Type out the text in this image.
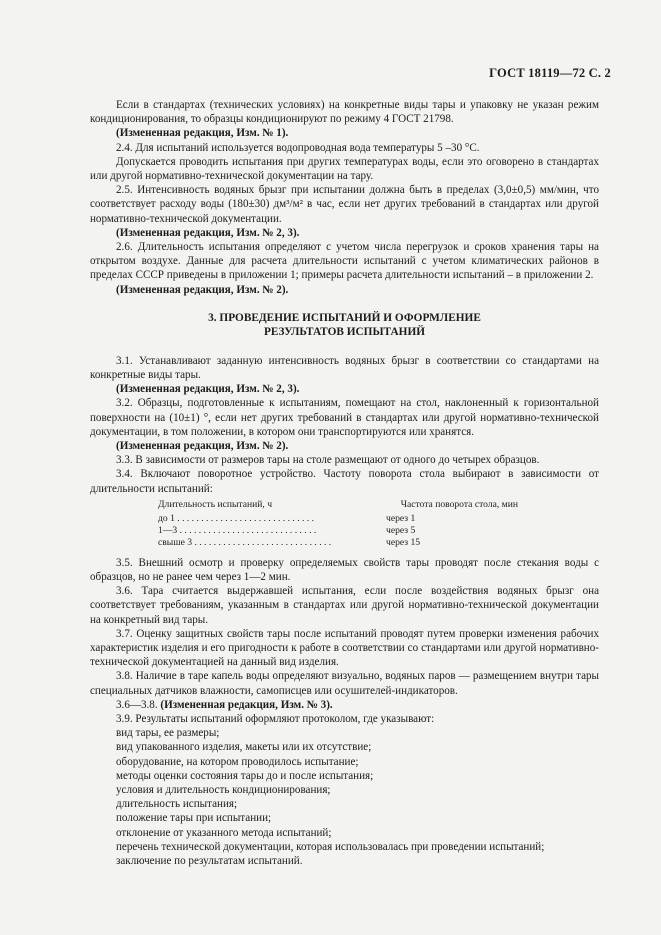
ГОСТ 18119—72 С. 2

Если в стандартах (технических условиях) на конкретные виды тары и упаковку не указан режим кондиционирования, то образцы кондиционируют по режиму 4 ГОСТ 21798.

(Измененная редакция, Изм. № 1).

2.4. Для испытаний используется водопроводная вода температуры 5 –30 °С.

Допускается проводить испытания при других температурах воды, если это оговорено в стандартах или другой нормативно-технической документации на тару.

2.5. Интенсивность водяных брызг при испытании должна быть в пределах (3,0±0,5) мм/мин, что соответствует расходу воды (180±30) дм³/м² в час, если нет других требований в стандартах или другой нормативно-технической документации.

(Измененная редакция, Изм. № 2, 3).

2.6. Длительность испытания определяют с учетом числа перегрузок и сроков хранения тары на открытом воздухе. Данные для расчета длительности испытаний с учетом климатических районов в пределах СССР приведены в приложении 1; примеры расчета длительности испытаний – в приложении 2.

(Измененная редакция, Изм. № 2).

3. ПРОВЕДЕНИЕ ИСПЫТАНИЙ И ОФОРМЛЕНИЕ
РЕЗУЛЬТАТОВ ИСПЫТАНИЙ

3.1. Устанавливают заданную интенсивность водяных брызг в соответствии со стандартами на конкретные виды тары.

(Измененная редакция, Изм. № 2, 3).

3.2. Образцы, подготовленные к испытаниям, помещают на стол, наклоненный к горизонтальной поверхности на (10±1) °, если нет других требований в стандартах или другой нормативно-технической документации, в том положении, в котором они транспортируются или хранятся.

(Измененная редакция, Изм. № 2).

3.3. В зависимости от размеров тары на столе размещают от одного до четырех образцов.

3.4. Включают поворотное устройство. Частоту поворота стола выбирают в зависимости от длительности испытаний:

Длительность испытаний, ч	Частота поворота стола, мин
до 1 . . . . . . . . . . . . . . . . . . . . . . . . . . . . .	через 1
1—3 . . . . . . . . . . . . . . . . . . . . . . . . . . . . .	через 5
свыше 3 . . . . . . . . . . . . . . . . . . . . . . . . . . . . .	через 15

3.5. Внешний осмотр и проверку определяемых свойств тары проводят после стекания воды с образцов, но не ранее чем через 1—2 мин.

3.6. Тара считается выдержавшей испытания, если после воздействия водяных брызг она соответствует требованиям, указанным в стандартах или другой нормативно-технической документации на конкретный вид тары.

3.7. Оценку защитных свойств тары после испытаний проводят путем проверки изменения рабочих характеристик изделия и его пригодности к работе в соответствии со стандартами или другой нормативно-технической документацией на данный вид изделия.

3.8. Наличие в таре капель воды определяют визуально, водяных паров — размещением внутри тары специальных датчиков влажности, самописцев или осушителей-индикаторов.

3.6—3.8. (Измененная редакция, Изм. № 3).

3.9. Результаты испытаний оформляют протоколом, где указывают:

вид тары, ее размеры;

вид упакованного изделия, макеты или их отсутствие;

оборудование, на котором проводилось испытание;

методы оценки состояния тары до и после испытания;

условия и длительность кондиционирования;

длительность испытания;

положение тары при испытании;

отклонение от указанного метода испытаний;

перечень технической документации, которая использовалась при проведении испытаний;

заключение по результатам испытаний.
